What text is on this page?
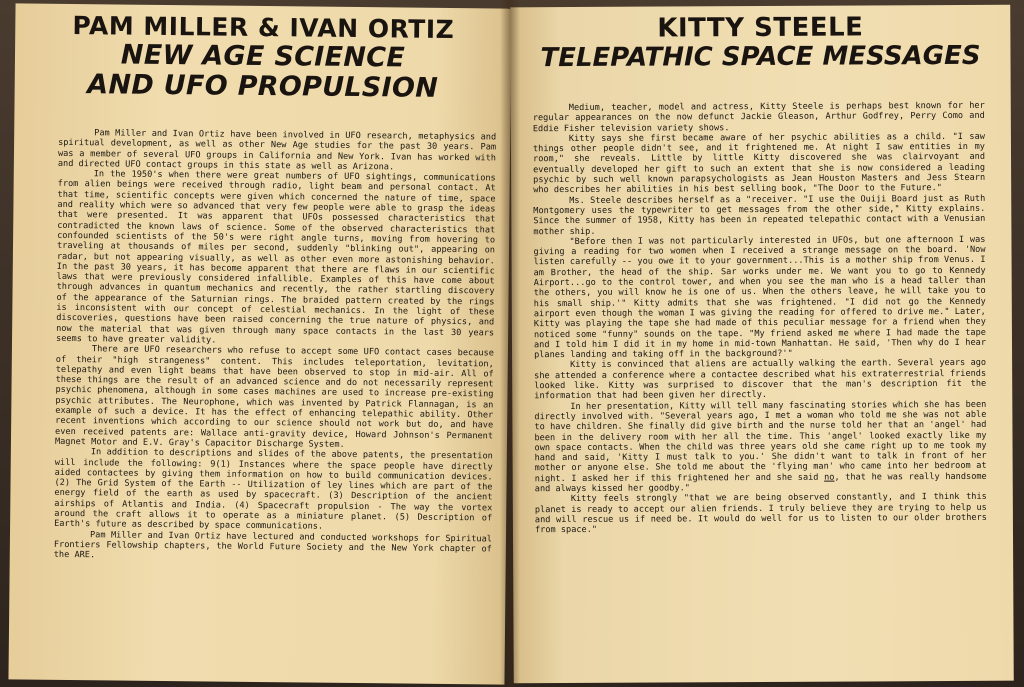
PAM MILLER & IVAN ORTIZ
NEW AGE SCIENCE
AND UFO PROPULSION

Pam Miller and Ivan Ortiz have been involved in UFO research, metaphysics and spiritual development, as well as other New Age studies for the past 30 years. Pam was a member of several UFO groups in California and New York. Ivan has worked with and directed UFO contact groups in this state as well as Arizona.

In the 1950's when there were great numbers of UFO sightings, communications from alien beings were received through radio, light beam and personal contact. At that time, scientific concepts were given which concerned the nature of time, space and reality which were so advanced that very few people were able to grasp the ideas that were presented. It was apparent that UFOs possessed characteristics that contradicted the known laws of science. Some of the observed characteristics that confounded scientists of the 50's were right angle turns, moving from hovering to traveling at thousands of miles per second, suddenly "blinking out", appearing on radar, but not appearing visually, as well as other even more astonishing behavior. In the past 30 years, it has become apparent that there are flaws in our scientific laws that were previously considered infallible. Examples of this have come about through advances in quantum mechanics and recently, the rather startling discovery of the appearance of the Saturnian rings. The braided pattern created by the rings is inconsistent with our concept of celestial mechanics. In the light of these discoveries, questions have been raised concerning the true nature of physics, and now the material that was given through many space contacts in the last 30 years seems to have greater validity.

There are UFO researchers who refuse to accept some UFO contact cases because of their "high strangeness" content. This includes teleportation, levitation, telepathy and even light beams that have been observed to stop in mid-air. All of these things are the result of an advanced science and do not necessarily represent psychic phenomena, although in some cases machines are used to increase pre-existing psychic attributes. The Neurophone, which was invented by Patrick Flannagan, is an example of such a device. It has the effect of enhancing telepathic ability. Other recent inventions which according to our science should not work but do, and have even received patents are: Wallace anti-gravity device, Howard Johnson's Permanent Magnet Motor and E.V. Gray's Capacitor Discharge System.

In addition to descriptions and slides of the above patents, the presentation will include the following: 9(1) Instances where the space people have directly aided contactees by giving them information on how to build communication devices. (2) The Grid System of the Earth -- Utilization of ley lines which are part of the energy field of the earth as used by spacecraft. (3) Description of the ancient airships of Atlantis and India. (4) Spacecraft propulsion - The way the vortex around the craft allows it to operate as a miniature planet. (5) Description of Earth's future as described by space communications.

Pam Miller and Ivan Ortiz have lectured and conducted workshops for Spiritual Frontiers Fellowship chapters, the World Future Society and the New York chapter of the ARE.

KITTY STEELE
TELEPATHIC SPACE MESSAGES

Medium, teacher, model and actress, Kitty Steele is perhaps best known for her regular appearances on the now defunct Jackie Gleason, Arthur Godfrey, Perry Como and Eddie Fisher television variety shows.

Kitty says she first became aware of her psychic abilities as a child. "I saw things other people didn't see, and it frightened me. At night I saw entities in my room," she reveals. Little by little Kitty discovered she was clairvoyant and eventually developed her gift to such an extent that she is now considered a leading psychic by such well known parapsychologists as Jean Houston Masters and Jess Stearn who describes her abilities in his best selling book, "The Door to the Future."

Ms. Steele describes herself as a "receiver. "I use the Ouiji Board just as Ruth Montgomery uses the typewriter to get messages from the other side," Kitty explains. Since the summer of 1958, Kitty has been in repeated telepathic contact with a Venusian mother ship.

"Before then I was not particularly interested in UFOs, but one afternoon I was giving a reading for two women when I received a strange message on the board. 'Now listen carefully -- you owe it to your government...This is a mother ship from Venus. I am Brother, the head of the ship. Sar works under me. We want you to go to Kennedy Airport...go to the control tower, and when you see the man who is a head taller than the others, you will know he is one of us. When the others leave, he will take you to his small ship.'" Kitty admits that she was frightened. "I did not go the Kennedy airport even though the woman I was giving the reading for offered to drive me." Later, Kitty was playing the tape she had made of this peculiar message for a friend when they noticed some "funny" sounds on the tape. "My friend asked me where I had made the tape and I told him I did it in my home in mid-town Manhattan. He said, 'Then why do I hear planes landing and taking off in the background?'"

Kitty is convinced that aliens are actually walking the earth. Several years ago she attended a conference where a contactee described what his extraterrestrial friends looked like. Kitty was surprised to discover that the man's description fit the information that had been given her directly.

In her presentation, Kitty will tell many fascinating stories which she has been directly involved with. "Several years ago, I met a woman who told me she was not able to have children. She finally did give birth and the nurse told her that an 'angel' had been in the delivery room with her all the time. This 'angel' looked exactly like my own space contacts. When the child was three years old she came right up to me took my hand and said, 'Kitty I must talk to you.' She didn't want to talk in front of her mother or anyone else. She told me about the 'flying man' who came into her bedroom at night. I asked her if this frightened her and she said no, that he was really handsome and always kissed her goodby."

Kitty feels strongly "that we are being observed constantly, and I think this planet is ready to accept our alien friends. I truly believe they are trying to help us and will rescue us if need be. It would do well for us to listen to our older brothers from space."
